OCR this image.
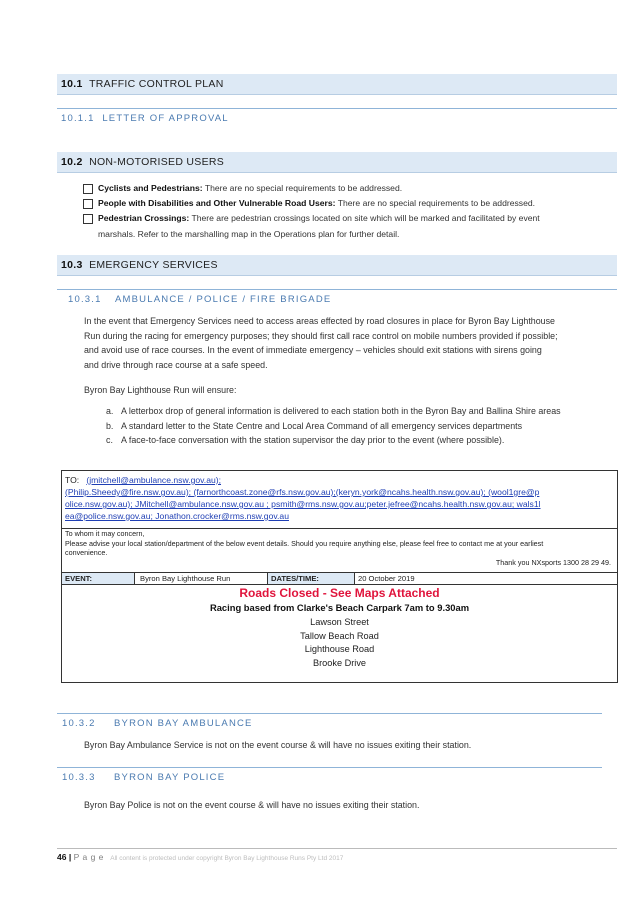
10.1 TRAFFIC CONTROL PLAN
10.1.1 LETTER OF APPROVAL
10.2 NON-MOTORISED USERS
Cyclists and Pedestrians: There are no special requirements to be addressed.
People with Disabilities and Other Vulnerable Road Users: There are no special requirements to be addressed.
Pedestrian Crossings: There are pedestrian crossings located on site which will be marked and facilitated by event
marshals. Refer to the marshalling map in the Operations plan for further detail.
10.3 EMERGENCY SERVICES
10.3.1 AMBULANCE / POLICE / FIRE BRIGADE
In the event that Emergency Services need to access areas effected by road closures in place for Byron Bay Lighthouse
Run during the racing for emergency purposes; they should first call race control on mobile numbers provided if possible;
and avoid use of race courses. In the event of immediate emergency – vehicles should exit stations with sirens going
and drive through race course at a safe speed.
Byron Bay Lighthouse Run will ensure:
a. A letterbox drop of general information is delivered to each station both in the Byron Bay and Ballina Shire areas
b. A standard letter to the State Centre and Local Area Command of all emergency services departments
c. A face-to-face conversation with the station supervisor the day prior to the event (where possible).
TO: (jmitchell@ambulance.nsw.gov.au);
(Philip.Sheedy@fire.nsw.gov.au); (farnorthcoast.zone@rfs.nsw.gov.au);(keryn.york@ncahs.health.nsw.gov.au); (wool1gre@p
olice.nsw.gov.au); JMitchell@ambulance.nsw.gov.au ; psmith@rms.nsw.gov.au;peter.jefree@ncahs.health.nsw.gov.au; wals1l
ea@police.nsw.gov.au; Jonathon.crocker@rms.nsw.gov.au
To whom it may concern,
Please advise your local station/department of the below event details. Should you require anything else, please feel free to contact me at your earliest
convenience.
Thank you NXsports 1300 28 29 49.
EVENT:	Byron Bay Lighthouse Run	DATES/TIME:	20 October 2019
Roads Closed - See Maps Attached
Racing based from Clarke's Beach Carpark 7am to 9.30am
Lawson Street
Tallow Beach Road
Lighthouse Road
Brooke Drive
10.3.2 BYRON BAY AMBULANCE
Byron Bay Ambulance Service is not on the event course & will have no issues exiting their station.
10.3.3 BYRON BAY POLICE
Byron Bay Police is not on the event course & will have no issues exiting their station.
46 | P a g e All content is protected under copyright Byron Bay Lighthouse Runs Pty Ltd 2017
